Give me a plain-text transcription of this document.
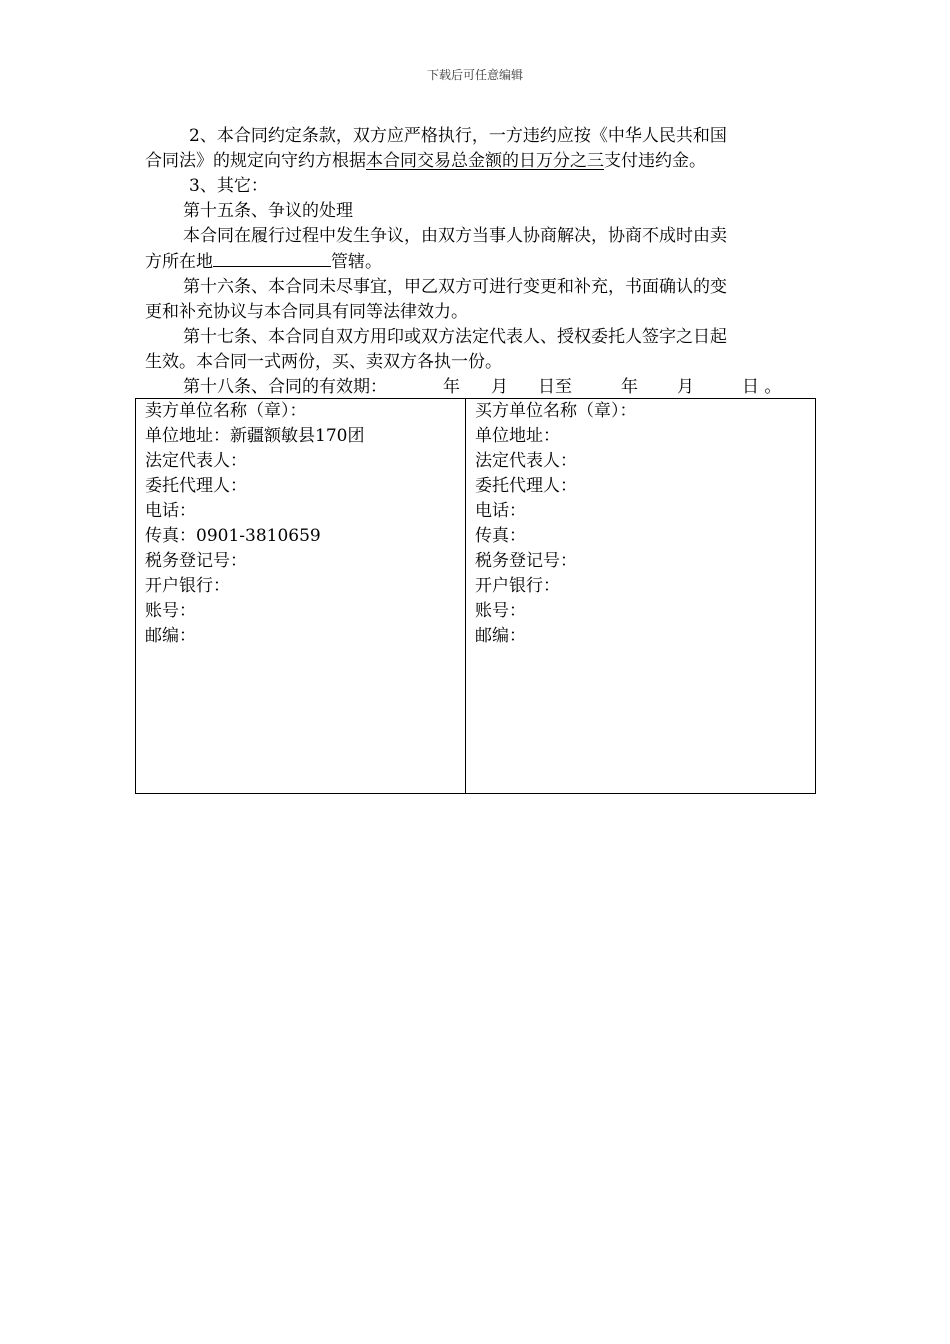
下载后可任意编辑

2、本合同约定条款，双方应严格执行，一方违约应按《中华人民共和国

合同法》的规定向守约方根据本合同交易总金额的日万分之三支付违约金。

3、其它：

第十五条、争议的处理

本合同在履行过程中发生争议，由双方当事人协商解决，协商不成时由卖

方所在地	管辖。

第十六条、本合同未尽事宜，甲乙双方可进行变更和补充，书面确认的变

更和补充协议与本合同具有同等法律效力。

第十七条、本合同自双方用印或双方法定代表人、授权委托人签字之日起

生效。本合同一式两份，买、卖双方各执一份。

第十八条、合同的有效期：	年 月 日至	年 月	日 。

卖方单位名称（章）：
单位地址：新疆额敏县170团
法定代表人：
委托代理人：
电话：
传真：0901-3810659
税务登记号：
开户银行：
账号：
邮编：

买方单位名称（章）：
单位地址：
法定代表人：
委托代理人：
电话：
传真：
税务登记号：
开户银行：
账号：
邮编：
